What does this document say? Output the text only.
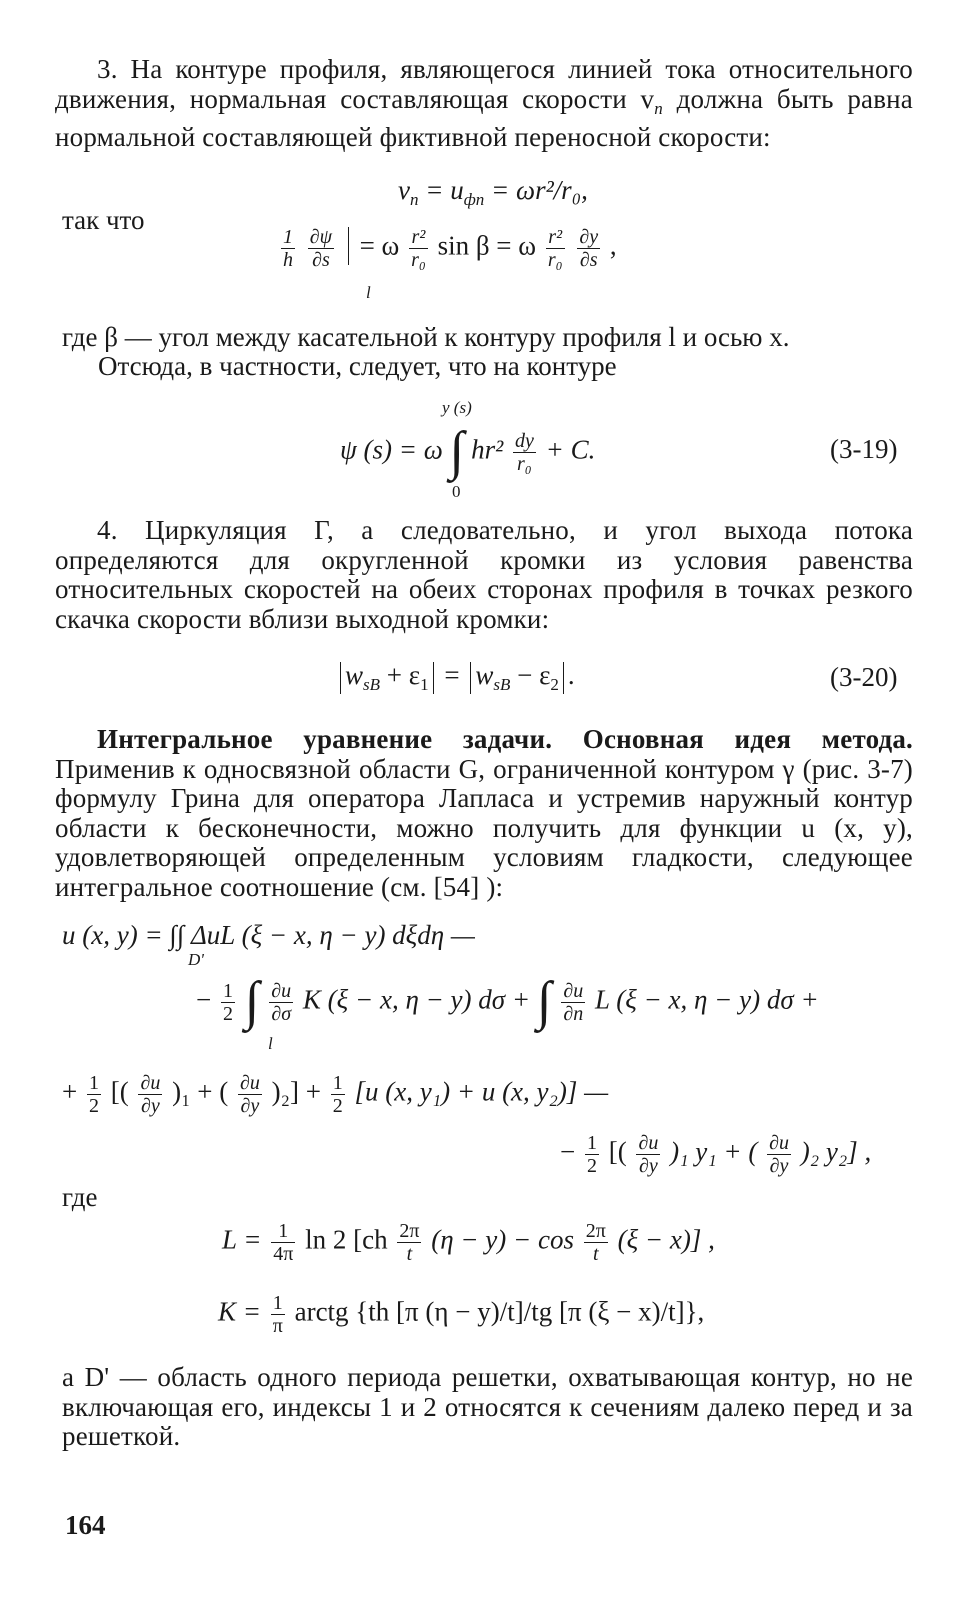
3. На контуре профиля, являющегося линией тока относительного движения, нормальная составляющая скорости $v_n$ должна быть равна нормальной составляющей фиктивной переносной скорости:
$v_n = u_{фn} = \omega r^2/r_0$,
так что
$\frac{1}{h}$
$\frac{\partial\psi}{\partial s} = \omega \frac{\text{r²}}{\text{r₀}}$ sin β = ω $\frac{\text{r²}}{\text{r₀}}$
$\frac{\partial y}{\partial s}$ ,
l
где β — угол между касательной к контуру профиля l и осью x.
Отсюда, в частности, следует, что на контуре
y (s)
ψ (s) = ω ∫ $hr^2 \frac{dy}{\text{r₀}} + C$.
0
(3-19)
4. Циркуляция Г, а следовательно, и угол выхода потока определяются для округленной кромки из условия равенства относительных скоростей на обеих сторонах профиля в точках резкого скачка скорости вблизи выходной кромки:
$w_{sB} + \varepsilon_1 = w_{sB} - \varepsilon_2$ .	(3-20)
Интегральное уравнение задачи. Основная идея метода. Применив к односвязной области G, ограниченной контуром γ (рис. 3-7) формулу Грина для оператора Лапласа и устремив наружный контур области к бесконечности, можно получить для функции u (x, y), удовлетворяющей определенным условиям гладкости, следующее интегральное соотношение (см. [54] ):
u (x, y) = ∫∫ ΔuL (ξ − x, η − y) dξdη —
D'
− $\frac{1}{2}$ ∫ $\frac{\partial u}{\partial\sigma}$ K (ξ − x, η − y) dσ + ∫ $\frac{\partial u}{\partial n}$ L (ξ − x, η − y) dσ +
l
+ $\frac{1}{2}$ [( $\frac{\partial u}{\partial y} )_1$ + ( $\frac{\partial u}{\partial y} )_2] + \frac{1}{2} [u$ (x, y₁) + u (x, y₂)] —
− $\frac{1}{2}$ [( $\frac{\partial u}{\partial y} )_1$ y₁ + ( $\frac{\partial u}{\partial y} )_2$ y₂] ,
где
$L = \frac{1}{4\pi}$ ln 2 $[ch \frac{2\pi}{t} (\eta - y) - \cos \frac{2\pi}{t} (\xi - x)]$ ,
$K = \frac{1}{\pi}$ arctg {th [π (η − y)/t]/tg [π (ξ − x)/t]},
а D' — область одного периода решетки, охватывающая контур, но не включающая его, индексы 1 и 2 относятся к сечениям далеко перед и за решеткой.
164
